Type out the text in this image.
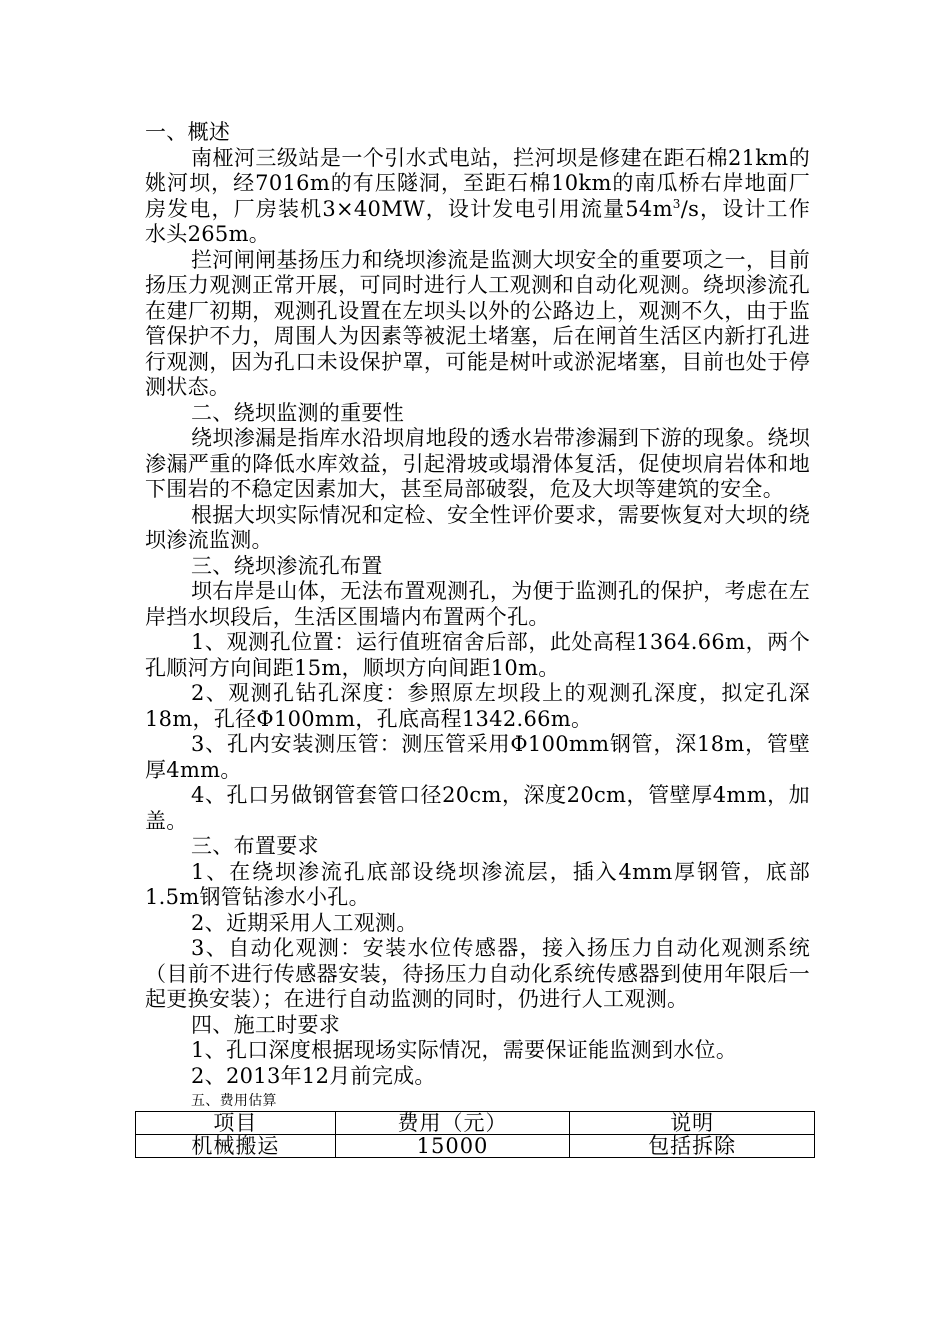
一、概述

南桠河三级站是一个引水式电站，拦河坝是修建在距石棉21km的姚河坝，经7016m的有压隧洞，至距石棉10km的南瓜桥右岸地面厂房发电，厂房装机3×40MW，设计发电引用流量$54m^3/s$，设计工作水头265m。

拦河闸闸基扬压力和绕坝渗流是监测大坝安全的重要项之一，目前扬压力观测正常开展，可同时进行人工观测和自动化观测。绕坝渗流孔在建厂初期，观测孔设置在左坝头以外的公路边上，观测不久，由于监管保护不力，周围人为因素等被泥土堵塞，后在闸首生活区内新打孔进行观测，因为孔口未设保护罩，可能是树叶或淤泥堵塞，目前也处于停测状态。

二、绕坝监测的重要性

绕坝渗漏是指库水沿坝肩地段的透水岩带渗漏到下游的现象。绕坝渗漏严重的降低水库效益，引起滑坡或塌滑体复活，促使坝肩岩体和地下围岩的不稳定因素加大，甚至局部破裂，危及大坝等建筑的安全。

根据大坝实际情况和定检、安全性评价要求，需要恢复对大坝的绕坝渗流监测。

三、绕坝渗流孔布置

坝右岸是山体，无法布置观测孔，为便于监测孔的保护，考虑在左岸挡水坝段后，生活区围墙内布置两个孔。

1、观测孔位置：运行值班宿舍后部，此处高程1364.66m，两个孔顺河方向间距15m，顺坝方向间距10m。

2、观测孔钻孔深度：参照原左坝段上的观测孔深度，拟定孔深18m，孔径Φ100mm，孔底高程1342.66m。

3、孔内安装测压管：测压管采用Φ100mm钢管，深18m，管壁厚4mm。

4、孔口另做钢管套管口径20cm，深度20cm，管壁厚4mm，加盖。

三、布置要求

1、在绕坝渗流孔底部设绕坝渗流层，插入4mm厚钢管，底部1.5m钢管钻渗水小孔。

2、近期采用人工观测。

3、自动化观测：安装水位传感器，接入扬压力自动化观测系统（目前不进行传感器安装，待扬压力自动化系统传感器到使用年限后一起更换安装）；在进行自动监测的同时，仍进行人工观测。

四、施工时要求

1、孔口深度根据现场实际情况，需要保证能监测到水位。

2、2013年12月前完成。

五、费用估算

项目	费用（元）	说明
机械搬运	15000	包括拆除
